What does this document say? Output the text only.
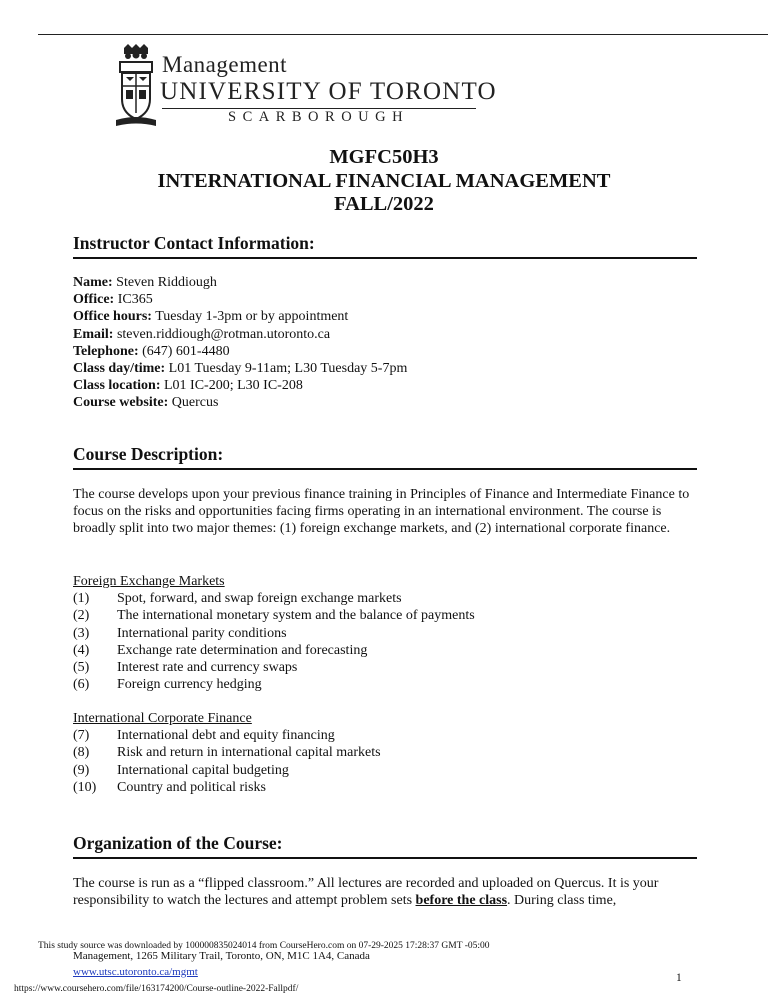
Management
UNIVERSITY OF TORONTO
SCARBOROUGH
MGFC50H3
INTERNATIONAL FINANCIAL MANAGEMENT
FALL/2022
Instructor Contact Information:
Name: Steven Riddiough
Office: IC365
Office hours: Tuesday 1-3pm or by appointment
Email: steven.riddiough@rotman.utoronto.ca
Telephone: (647) 601-4480
Class day/time: L01 Tuesday 9-11am; L30 Tuesday 5-7pm
Class location: L01 IC-200; L30 IC-208
Course website: Quercus
Course Description:
The course develops upon your previous finance training in Principles of Finance and Intermediate Finance to focus on the risks and opportunities facing firms operating in an international environment. The course is broadly split into two major themes: (1) foreign exchange markets, and (2) international corporate finance.
Foreign Exchange Markets
(1)	Spot, forward, and swap foreign exchange markets
(2)	The international monetary system and the balance of payments
(3)	International parity conditions
(4)	Exchange rate determination and forecasting
(5)	Interest rate and currency swaps
(6)	Foreign currency hedging
International Corporate Finance
(7)	International debt and equity financing
(8)	Risk and return in international capital markets
(9)	International capital budgeting
(10)	Country and political risks
Organization of the Course:
The course is run as a “flipped classroom.” All lectures are recorded and uploaded on Quercus. It is your responsibility to watch the lectures and attempt problem sets before the class. During class time,
This study source was downloaded by 100000835024014 from CourseHero.com on 07-29-2025 17:28:37 GMT -05:00
Management, 1265 Military Trail, Toronto, ON, M1C 1A4, Canada
www.utsc.utoronto.ca/mgmt	1
https://www.coursehero.com/file/163174200/Course-outline-2022-Fallpdf/
